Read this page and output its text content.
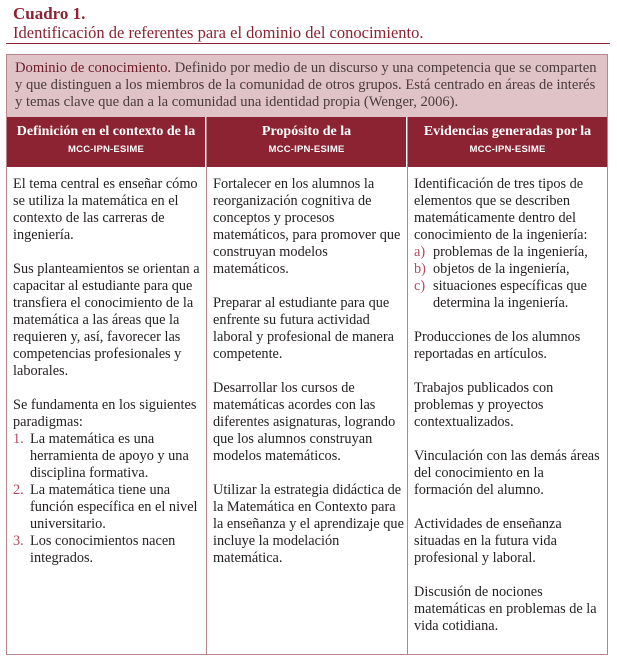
Cuadro 1.
Identificación de referentes para el dominio del conocimiento.
Dominio de conocimiento. Definido por medio de un discurso y una competencia que se comparten y que distinguen a los miembros de la comunidad de otros grupos. Está centrado en áreas de interés y temas clave que dan a la comunidad una identidad propia (Wenger, 2006).
Definición en el contexto de la
MCC-IPN-ESIME
Propósito de la
MCC-IPN-ESIME
Evidencias generadas por la
MCC-IPN-ESIME

El tema central es enseñar cómo se utiliza la matemática en el contexto de las carreras de ingeniería.

Sus planteamientos se orientan a capacitar al estudiante para que transfiera el conocimiento de la matemática a las áreas que la requieren y, así, favorecer las competencias profesionales y laborales.

Se fundamenta en los siguientes paradigmas:

1. La matemática es una herramienta de apoyo y una disciplina formativa.
2. La matemática tiene una función específica en el nivel universitario.
3. Los conocimientos nacen integrados.

Fortalecer en los alumnos la reorganización cognitiva de conceptos y procesos matemáticos, para promover que construyan modelos matemáticos.

Preparar al estudiante para que enfrente su futura actividad laboral y profesional de manera competente.

Desarrollar los cursos de matemáticas acordes con las diferentes asignaturas, logrando que los alumnos construyan modelos matemáticos.

Utilizar la estrategia didáctica de la Matemática en Contexto para la enseñanza y el aprendizaje que incluye la modelación matemática.

Identificación de tres tipos de elementos que se describen matemáticamente dentro del conocimiento de la ingeniería:

a) problemas de la ingeniería,
b) objetos de la ingeniería,
c) situaciones específicas que determina la ingeniería.

Producciones de los alumnos reportadas en artículos.

Trabajos publicados con problemas y proyectos contextualizados.

Vinculación con las demás áreas del conocimiento en la formación del alumno.

Actividades de enseñanza situadas en la futura vida profesional y laboral.

Discusión de nociones matemáticas en problemas de la vida cotidiana.
